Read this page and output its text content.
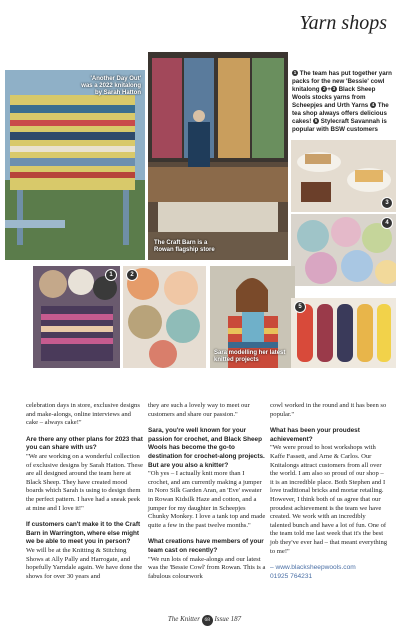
Yarn shops
'Another Day Out' was a 2022 knitalong by Sarah Hatton
The Craft Barn is a Rowan flagship store
1 The team has put together yarn packs for the new 'Bessie' cowl knitalong 2 + 3 Black Sheep Wools stocks yarns from Scheepjes and Urth Yarns 4 The tea shop always offers delicious cakes! 5 Stylecraft Savannah is popular with BSW customers
3
4
1	2
Sara modelling her latest knitted projects
5

celebration days in store, exclusive designs and make-alongs, online interviews and cake – always cake!"

Are there any other plans for 2023 that you can share with us?

"We are working on a wonderful collection of exclusive designs by Sarah Hatton. These are all designed around the team here at Black Sheep. They have created mood boards which Sarah is using to design them the perfect pattern. I have had a sneak peek at mine and I love it!"

If customers can't make it to the Craft Barn in Warrington, where else might we be able to meet you in person?

We will be at the Knitting & Stitching Shows at Ally Pally and Harrogate, and hopefully Yarndale again. We have done the shows for over 30 years and

they are such a lovely way to meet our customers and share our passion."

Sara, you're well known for your passion for crochet, and Black Sheep Wools has become the go-to destination for crochet-along projects. But are you also a knitter?

"Oh yes – I actually knit more than I crochet, and am currently making a jumper in Noro Silk Garden Aran, an 'Eve' sweater in Rowan Kidsilk Haze and cotton, and a jumper for my daughter in Scheepjes Chunky Monkey. I love a tank top and made quite a few in the past twelve months."

What creations have members of your team cast on recently?

"We run lots of make-alongs and our latest was the 'Bessie Cowl' from Rowan. This is a fabulous colourwork

cowl worked in the round and it has been so popular."

What has been your proudest achievement?

"We were proud to host workshops with Kaffe Fassett, and Arne & Carlos. Our Knitalongs attract customers from all over the world. I am also so proud of our shop – it is an incredible place. Both Stephen and I love traditional bricks and mortar retailing. However, I think both of us agree that our proudest achievement is the team we have created. We work with an incredibly talented bunch and have a lot of fun. One of the team told me last week that it's the best job they've ever had – that meant everything to me!"

– www.blacksheepwools.com

01925 764231

The Knitter 68 Issue 187
